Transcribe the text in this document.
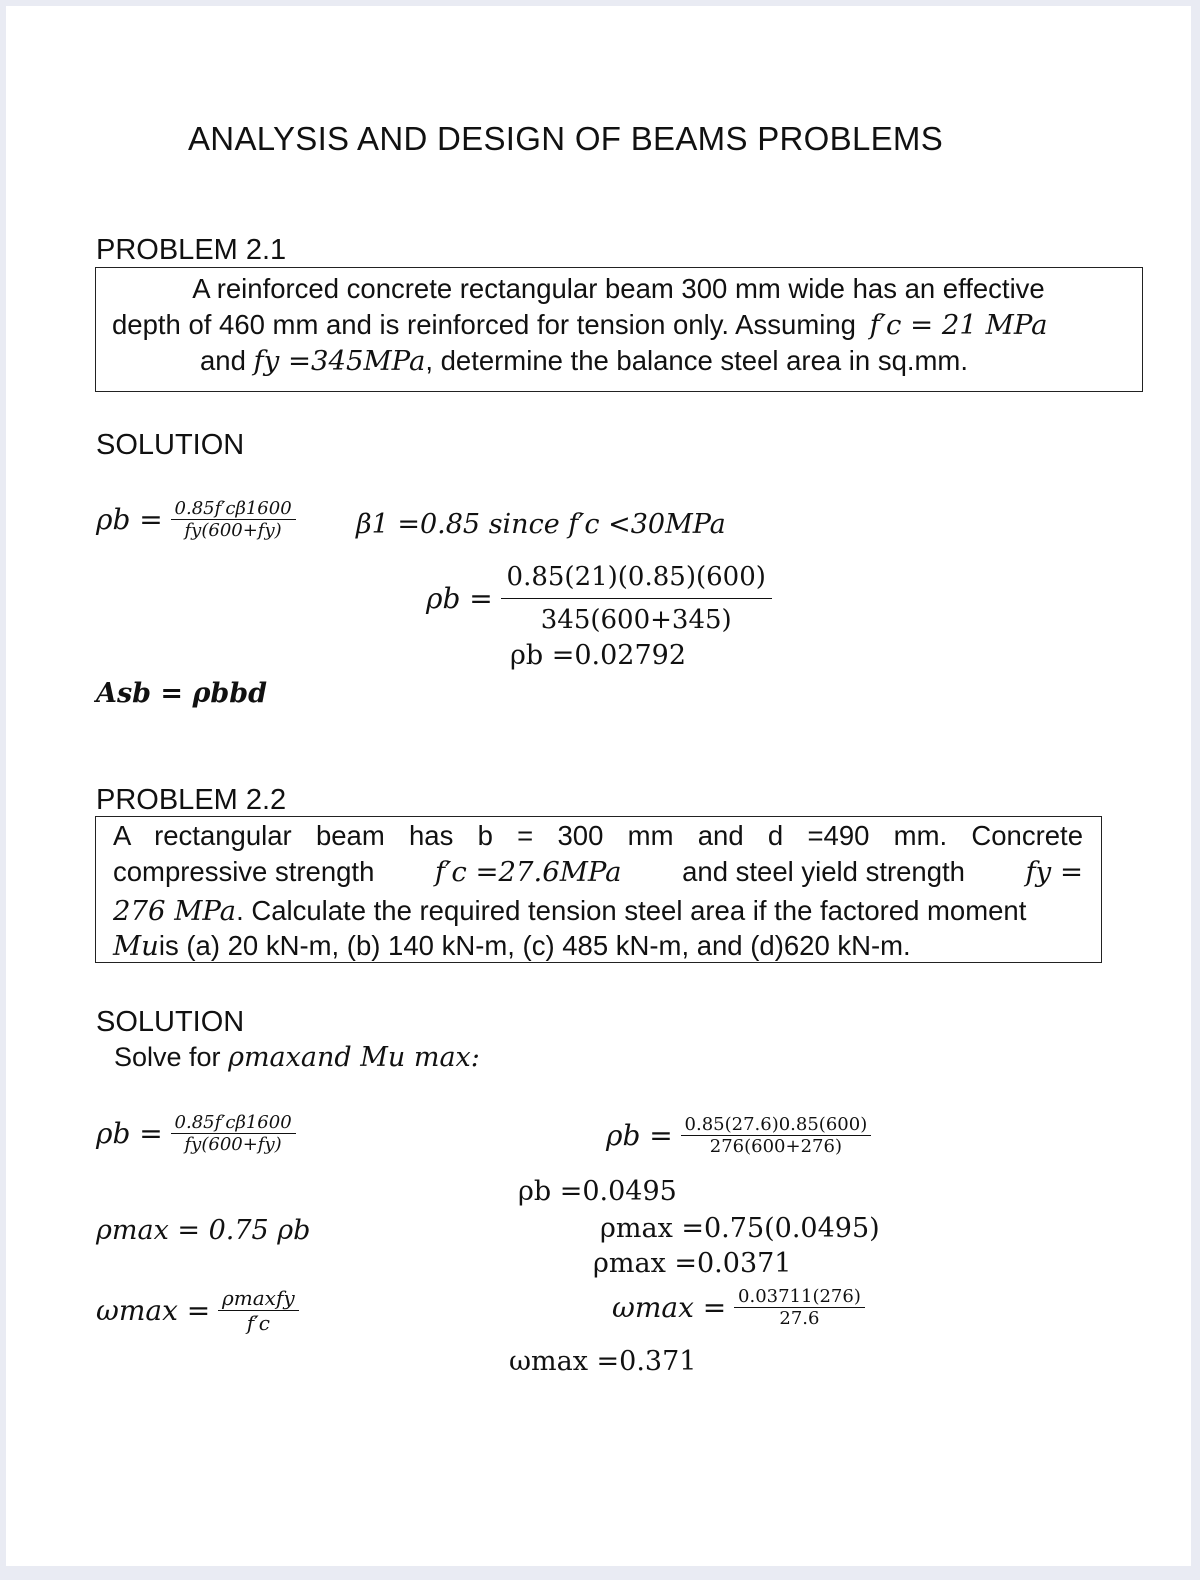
ANALYSIS AND DESIGN OF BEAMS PROBLEMS
PROBLEM 2.1
A reinforced concrete rectangular beam 300 mm wide has an effective
depth of 460 mm and is reinforced for tension only. Assuming f′c = 21 MPa
and fy =345MPa, determine the balance steel area in sq.mm.
SOLUTION
$\rho b = \frac{0.85f'c\beta 1600}{fy(600+fy)} \beta 1 =0.85$ since f′c <30MPa
$\rho b = \frac{0.85(21)(0.85)(600)}{345(600+345)}$
ρb =0.02792
Asb = ρbbd
PROBLEM 2.2
A rectangular beam has b = 300 mm and d =490 mm. Concrete
compressive strength f′c =27.6MPa and steel yield strength fy =
276 MPa. Calculate the required tension steel area if the factored moment
Muis (a) 20 kN-m, (b) 140 kN-m, (c) 485 kN-m, and (d)620 kN-m.
SOLUTION
Solve for ρmaxand Mu max:
$\rho b = \frac{0.85f'c\beta 1600}{fy(600+fy)}$
ρmax = 0.75 ρb
$\omega\max = \frac{\text{ρmaxfy}}{f'c}$
$\rho b = \frac{0.85(27.6)0.85(600)}{276(600+276)}$
ρb =0.0495
ρmax =0.75(0.0495)
ρmax =0.0371
$\omega\max = \frac{0.03711(276)}{27.6}$
ωmax =0.371
